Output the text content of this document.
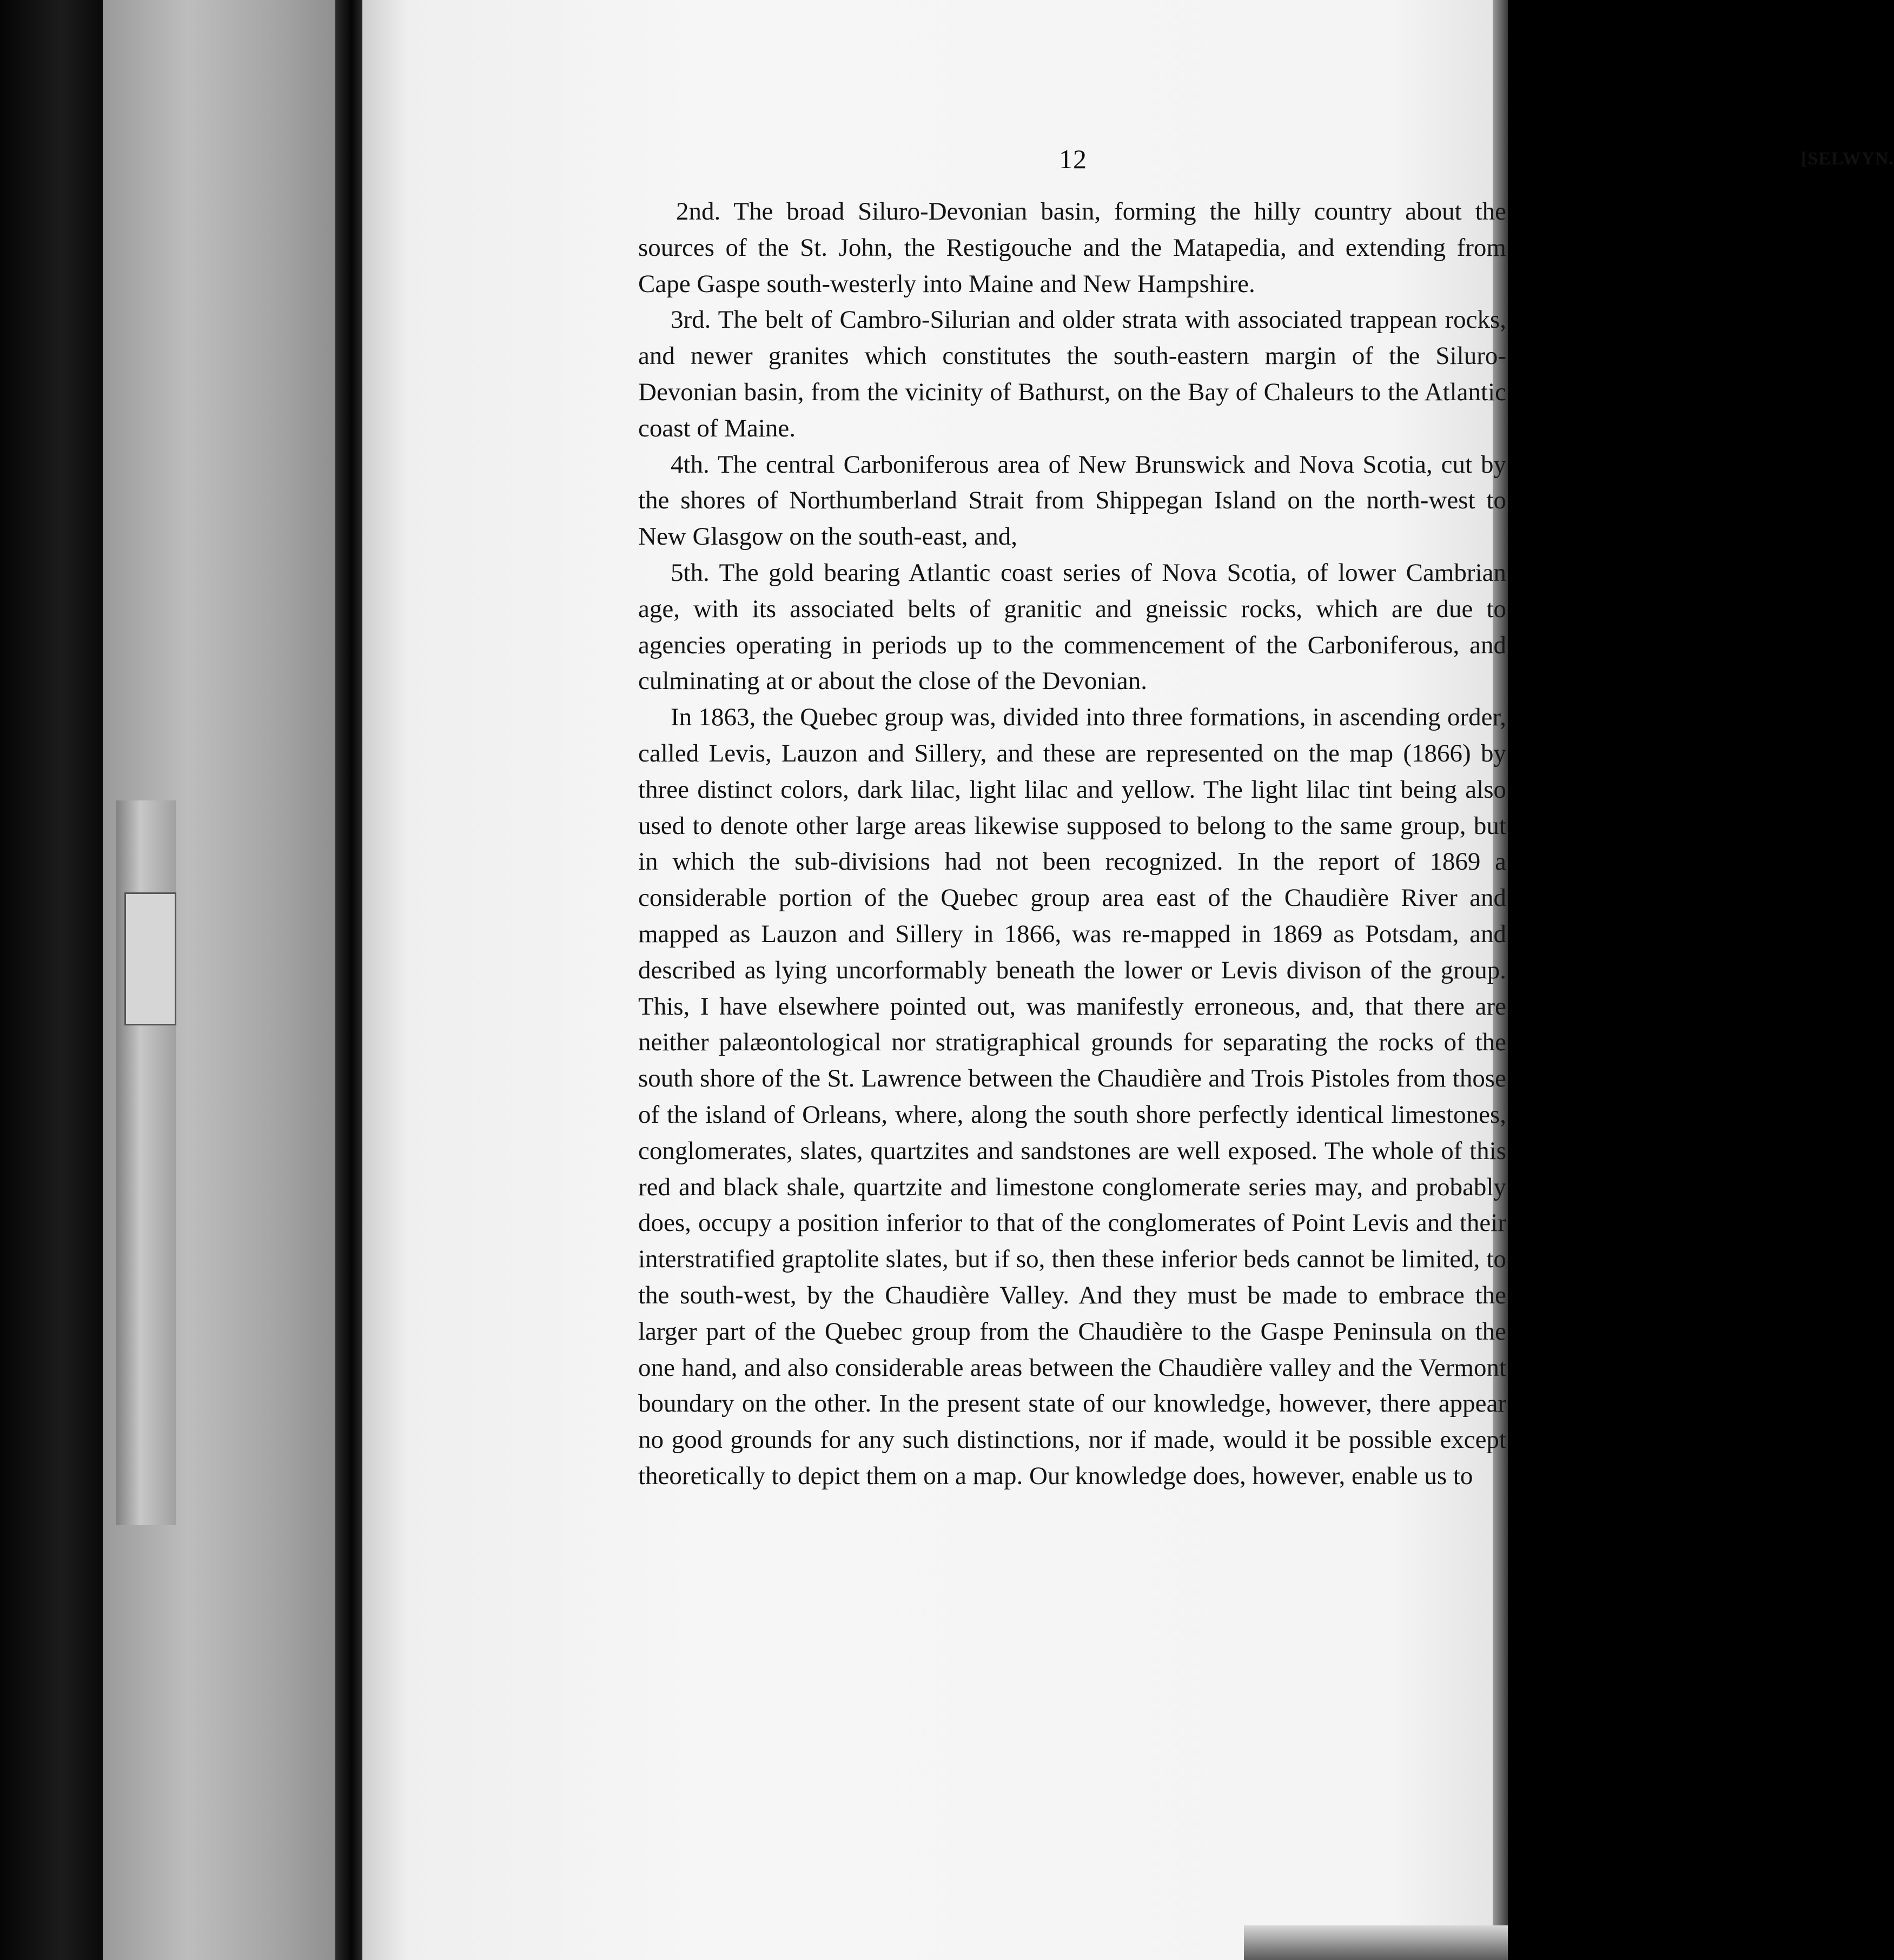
12	[SELWYN.

2nd. The broad Siluro-Devonian basin, forming the hilly country about the sources of the St. John, the Restigouche and the Matapedia, and extending from Cape Gaspe south-westerly into Maine and New Hampshire.

3rd. The belt of Cambro-Silurian and older strata with associated trappean rocks, and newer granites which constitutes the south-eastern margin of the Siluro-Devonian basin, from the vicinity of Bathurst, on the Bay of Chaleurs to the Atlantic coast of Maine.

4th. The central Carboniferous area of New Brunswick and Nova Scotia, cut by the shores of Northumberland Strait from Shippegan Island on the north-west to New Glasgow on the south-east, and,

5th. The gold bearing Atlantic coast series of Nova Scotia, of lower Cambrian age, with its associated belts of granitic and gneissic rocks, which are due to agencies operating in periods up to the commencement of the Carboniferous, and culminating at or about the close of the Devonian.

In 1863, the Quebec group was, divided into three formations, in ascending order, called Levis, Lauzon and Sillery, and these are represented on the map (1866) by three distinct colors, dark lilac, light lilac and yellow. The light lilac tint being also used to denote other large areas likewise supposed to belong to the same group, but in which the sub-divisions had not been recognized. In the report of 1869 a considerable portion of the Quebec group area east of the Chaudière River and mapped as Lauzon and Sillery in 1866, was re-mapped in 1869 as Potsdam, and described as lying uncorformably beneath the lower or Levis divison of the group. This, I have elsewhere pointed out, was manifestly erroneous, and, that there are neither palæontological nor stratigraphical grounds for separating the rocks of the south shore of the St. Lawrence between the Chaudière and Trois Pistoles from those of the island of Orleans, where, along the south shore perfectly identical limestones, conglomerates, slates, quartzites and sandstones are well exposed. The whole of this red and black shale, quartzite and limestone conglomerate series may, and probably does, occupy a position inferior to that of the conglomerates of Point Levis and their interstratified graptolite slates, but if so, then these inferior beds cannot be limited, to the south-west, by the Chaudière Valley. And they must be made to embrace the larger part of the Quebec group from the Chaudière to the Gaspe Peninsula on the one hand, and also considerable areas between the Chaudière valley and the Vermont boundary on the other. In the present state of our knowledge, however, there appear no good grounds for any such distinctions, nor if made, would it be possible except theoretically to depict them on a map. Our knowledge does, however, enable us to
